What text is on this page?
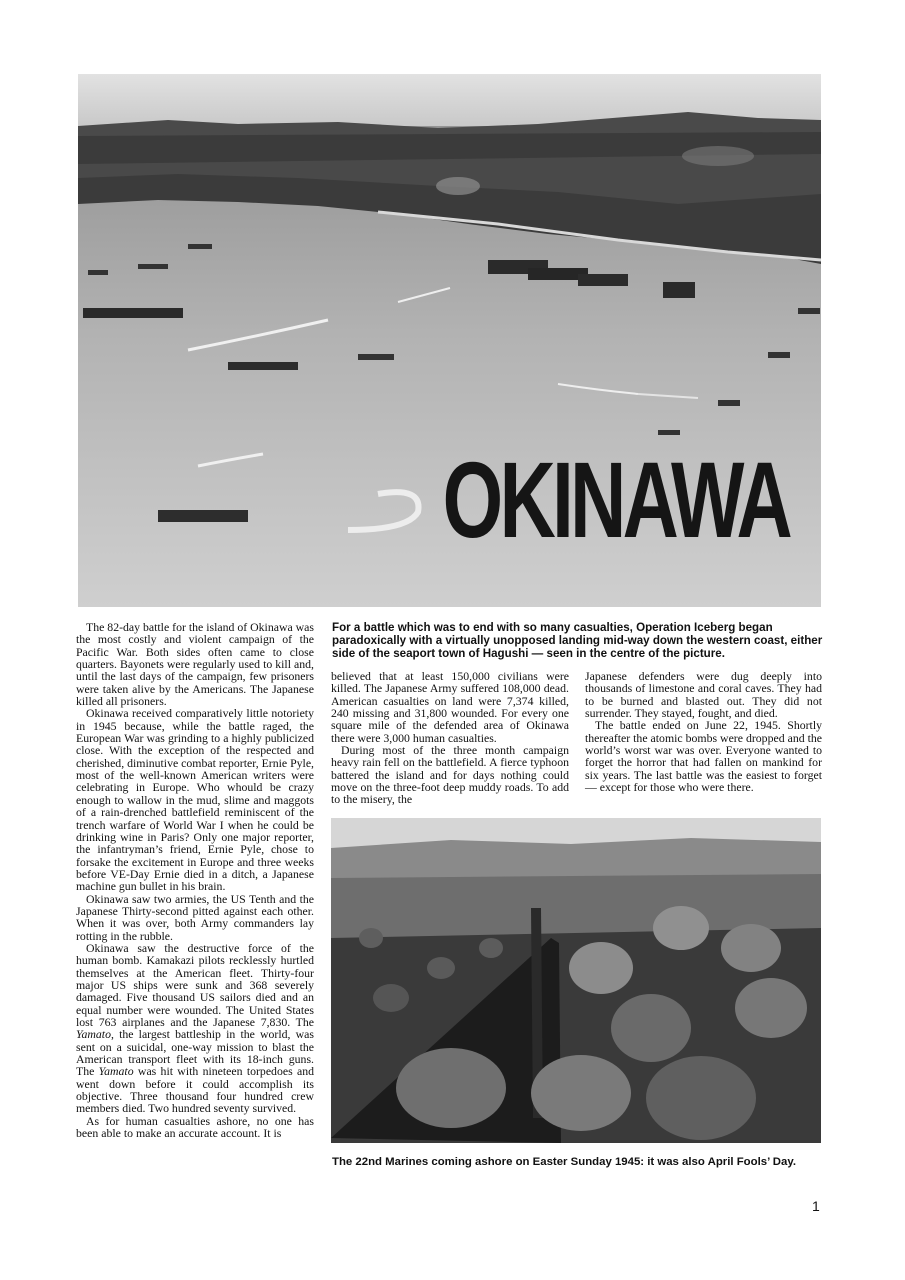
OKINAWA

The 82-day battle for the island of Okinawa was the most costly and violent campaign of the Pacific War. Both sides often came to close quarters. Bayonets were regularly used to kill and, until the last days of the campaign, few prisoners were taken alive by the Americans. The Japanese killed all prisoners.

Okinawa received comparatively little notoriety in 1945 because, while the battle raged, the European War was grinding to a highly publicized close. With the exception of the respected and cherished, diminutive combat reporter, Ernie Pyle, most of the well-known American writers were celebrating in Europe. Who whould be crazy enough to wallow in the mud, slime and maggots of a rain-drenched battlefield reminiscent of the trench warfare of World War I when he could be drinking wine in Paris? Only one major reporter, the infantryman’s friend, Ernie Pyle, chose to forsake the excitement in Europe and three weeks before VE-Day Ernie died in a ditch, a Japanese machine gun bullet in his brain.

Okinawa saw two armies, the US Tenth and the Japanese Thirty-second pitted against each other. When it was over, both Army commanders lay rotting in the rubble.

Okinawa saw the destructive force of the human bomb. Kamakazi pilots recklessly hurtled themselves at the American fleet. Thirty-four major US ships were sunk and 368 severely damaged. Five thousand US sailors died and an equal number were wounded. The United States lost 763 airplanes and the Japanese 7,830. The Yamato, the largest battleship in the world, was sent on a suicidal, one-way mission to blast the American transport fleet with its 18-inch guns. The Yamato was hit with nineteen torpedoes and went down before it could accomplish its objective. Three thousand four hundred crew members died. Two hundred seventy survived.

As for human casualties ashore, no one has been able to make an accurate account. It is

For a battle which was to end with so many casualties, Operation Iceberg began paradoxically with a virtually unopposed landing mid-way down the western coast, either side of the seaport town of Hagushi — seen in the centre of the picture.

believed that at least 150,000 civilians were killed. The Japanese Army suffered 108,000 dead. American casualties on land were 7,374 killed, 240 missing and 31,800 wounded. For every one square mile of the defended area of Okinawa there were 3,000 human casualties.

During most of the three month campaign heavy rain fell on the battlefield. A fierce typhoon battered the island and for days nothing could move on the three-foot deep muddy roads. To add to the misery, the

Japanese defenders were dug deeply into thousands of limestone and coral caves. They had to be burned and blasted out. They did not surrender. They stayed, fought, and died.

The battle ended on June 22, 1945. Shortly thereafter the atomic bombs were dropped and the world’s worst war was over. Everyone wanted to forget the horror that had fallen on mankind for six years. The last battle was the easiest to forget — except for those who were there.

The 22nd Marines coming ashore on Easter Sunday 1945: it was also April Fools’ Day.
1
